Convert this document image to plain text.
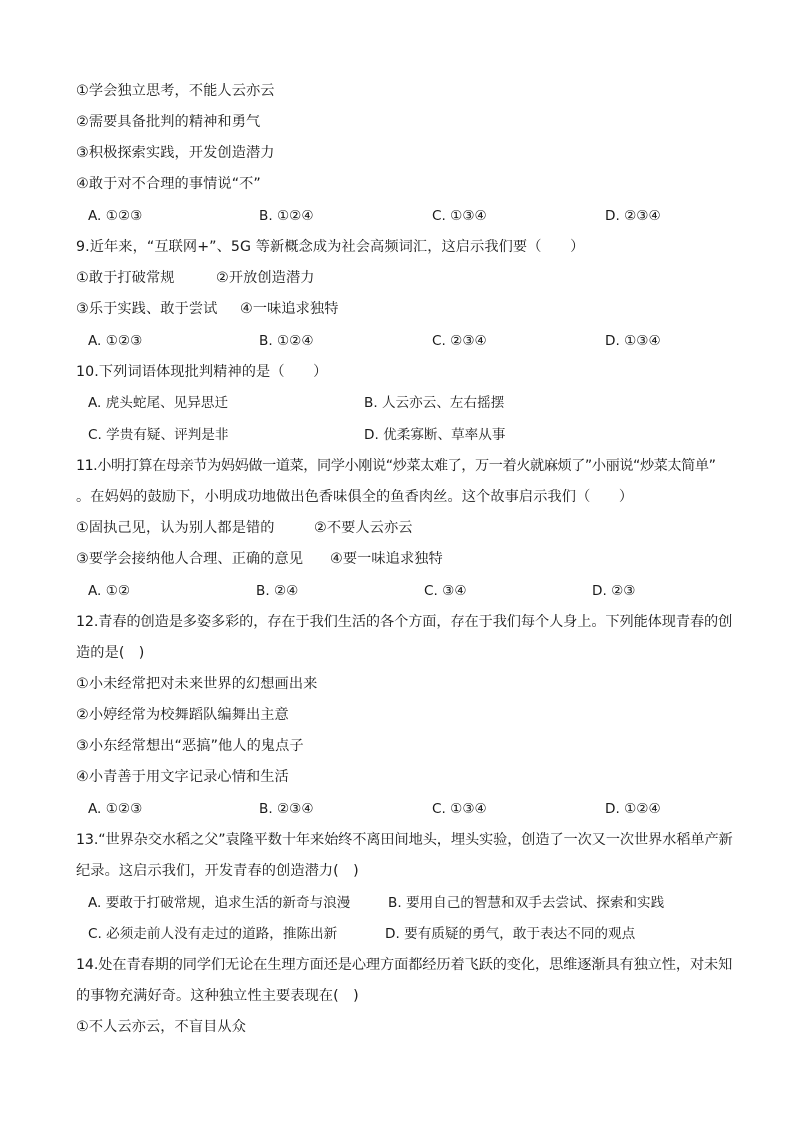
①学会独立思考，不能人云亦云
②需要具备批判的精神和勇气
③积极探索实践，开发创造潜力
④敢于对不合理的事情说“不”
A. ①②③	B. ①②④	C. ①③④	D. ②③④
9.近年来，“互联网+”、5G 等新概念成为社会高频词汇，这启示我们要（　　）
①敢于打破常规	②开放创造潜力
③乐于实践、敢于尝试 ④一味追求独特
A. ①②③	B. ①②④	C. ②③④	D. ①③④
10.下列词语体现批判精神的是（　　）
A. 虎头蛇尾、见异思迁	B. 人云亦云、左右摇摆
C. 学贵有疑、评判是非	D. 优柔寡断、草率从事
11.小明打算在母亲节为妈妈做一道菜，同学小刚说“炒菜太难了，万一着火就麻烦了”小丽说“炒菜太简单”
。在妈妈的鼓励下，小明成功地做出色香味俱全的鱼香肉丝。这个故事启示我们（　　）
①固执己见，认为别人都是错的	②不要人云亦云
③要学会接纳他人合理、正确的意见 ④要一味追求独特
A. ①②	B. ②④	C. ③④	D. ②③
12.青春的创造是多姿多彩的，存在于我们生活的各个方面，存在于我们每个人身上。下列能体现青春的创
造的是(　)
①小未经常把对未来世界的幻想画出来
②小婷经常为校舞蹈队编舞出主意
③小东经常想出“恶搞”他人的鬼点子
④小青善于用文字记录心情和生活
A. ①②③	B. ②③④	C. ①③④	D. ①②④
13.“世界杂交水稻之父”袁隆平数十年来始终不离田间地头，埋头实验，创造了一次又一次世界水稻单产新
纪录。这启示我们，开发青春的创造潜力(　)
A. 要敢于打破常规，追求生活的新奇与浪漫	B. 要用自己的智慧和双手去尝试、探索和实践
C. 必须走前人没有走过的道路，推陈出新	D. 要有质疑的勇气，敢于表达不同的观点
14.处在青春期的同学们无论在生理方面还是心理方面都经历着飞跃的变化，思维逐渐具有独立性，对未知
的事物充满好奇。这种独立性主要表现在(　)
①不人云亦云，不盲目从众
